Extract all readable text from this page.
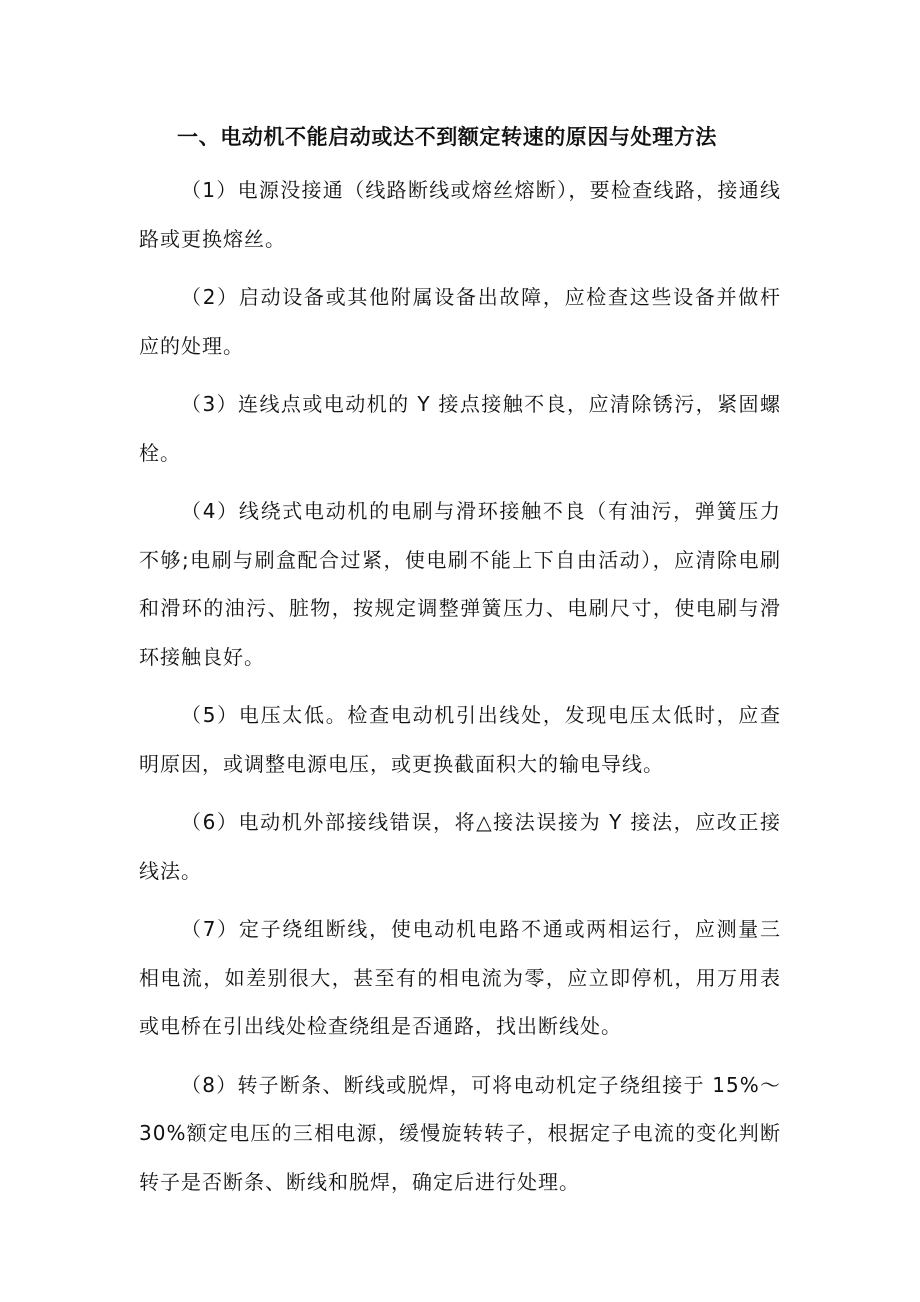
一、电动机不能启动或达不到额定转速的原因与处理方法

（1）电源没接通（线路断线或熔丝熔断），要检查线路，接通线路或更换熔丝。

（2）启动设备或其他附属设备出故障，应检查这些设备并做杆应的处理。

（3）连线点或电动机的 Y 接点接触不良，应清除锈污，紧固螺栓。

（4）线绕式电动机的电刷与滑环接触不良（有油污，弹簧压力不够;电刷与刷盒配合过紧，使电刷不能上下自由活动），应清除电刷和滑环的油污、脏物，按规定调整弹簧压力、电刷尺寸，使电刷与滑环接触良好。

（5）电压太低。检查电动机引出线处，发现电压太低时，应查明原因，或调整电源电压，或更换截面积大的输电导线。

（6）电动机外部接线错误，将△接法误接为 Y 接法，应改正接线法。

（7）定子绕组断线，使电动机电路不通或两相运行，应测量三相电流，如差别很大，甚至有的相电流为零，应立即停机，用万用表或电桥在引出线处检查绕组是否通路，找出断线处。

（8）转子断条、断线或脱焊，可将电动机定子绕组接于 15%～30%额定电压的三相电源，缓慢旋转转子，根据定子电流的变化判断转子是否断条、断线和脱焊，确定后进行处理。
